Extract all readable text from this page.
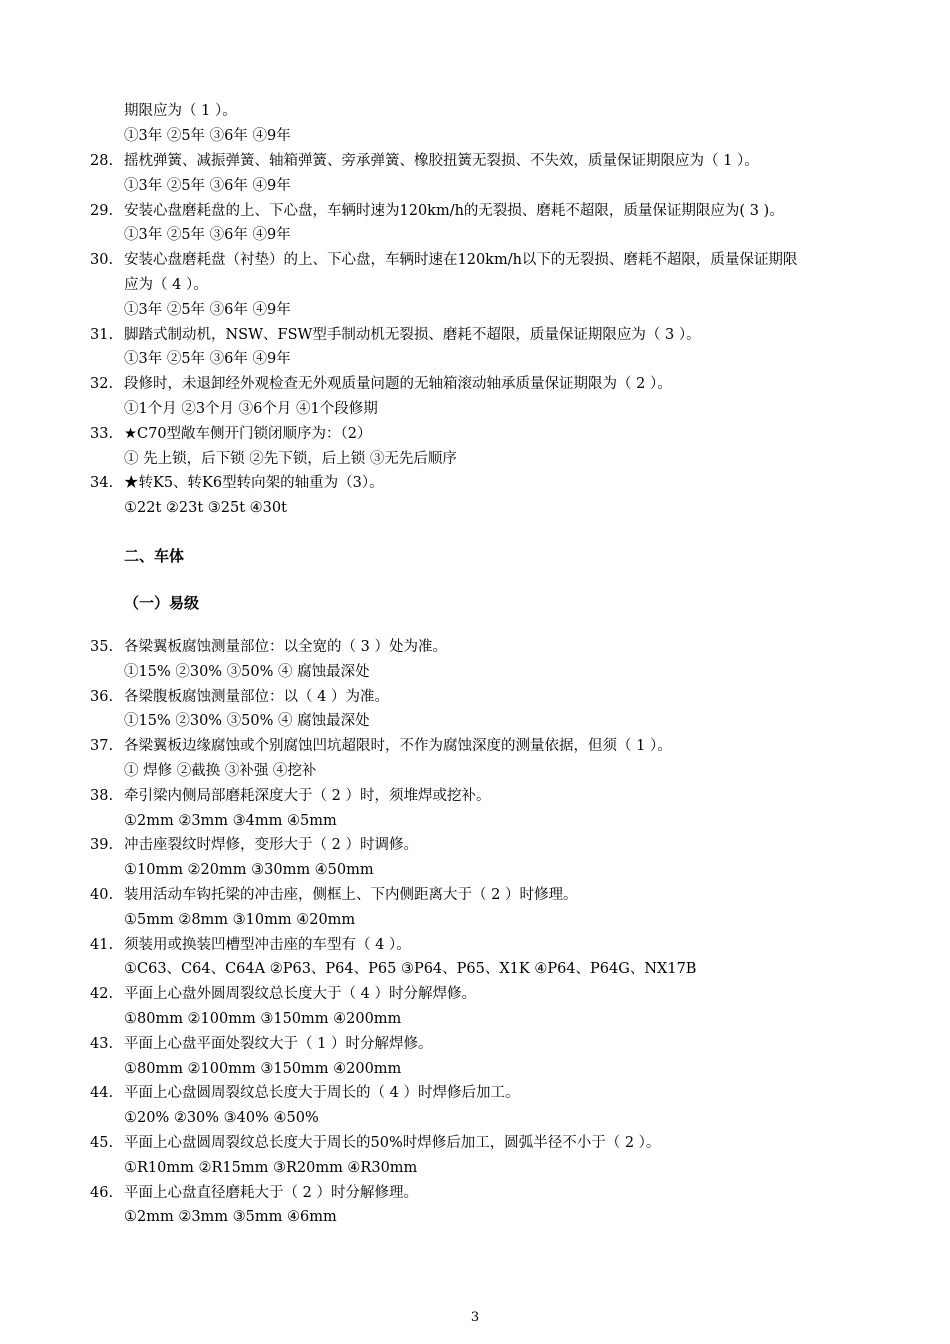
期限应为（ 1 ）。
①3年 ②5年 ③6年 ④9年
28. 摇枕弹簧、减振弹簧、轴箱弹簧、旁承弹簧、橡胶扭簧无裂损、不失效，质量保证期限应为（ 1 ）。
①3年 ②5年 ③6年 ④9年
29. 安装心盘磨耗盘的上、下心盘，车辆时速为120km/h的无裂损、磨耗不超限，质量保证期限应为( 3 )。
①3年 ②5年 ③6年 ④9年
30. 安装心盘磨耗盘（衬垫）的上、下心盘，车辆时速在120km/h以下的无裂损、磨耗不超限，质量保证期限
应为（ 4 ）。
①3年 ②5年 ③6年 ④9年
31. 脚踏式制动机，NSW、FSW型手制动机无裂损、磨耗不超限，质量保证期限应为（ 3 ）。
①3年 ②5年 ③6年 ④9年
32. 段修时，未退卸经外观检查无外观质量问题的无轴箱滚动轴承质量保证期限为（ 2 ）。
①1个月 ②3个月 ③6个月 ④1个段修期
33. ★C70型敞车侧开门锁闭顺序为：（2）
① 先上锁，后下锁 ②先下锁，后上锁 ③无先后顺序
34. ★转K5、转K6型转向架的轴重为（3）。
①22t ②23t ③25t ④30t
二、车体
（一）易级
35. 各梁翼板腐蚀测量部位：以全宽的（ 3 ）处为准。
①15% ②30% ③50% ④ 腐蚀最深处
36. 各梁腹板腐蚀测量部位：以（ 4 ）为准。
①15% ②30% ③50% ④ 腐蚀最深处
37. 各梁翼板边缘腐蚀或个别腐蚀凹坑超限时，不作为腐蚀深度的测量依据，但须（ 1 ）。
① 焊修 ②截换 ③补强 ④挖补
38. 牵引梁内侧局部磨耗深度大于（ 2 ）时，须堆焊或挖补。
①2mm ②3mm ③4mm ④5mm
39. 冲击座裂纹时焊修，变形大于（ 2 ）时调修。
①10mm ②20mm ③30mm ④50mm
40. 装用活动车钩托梁的冲击座，侧框上、下内侧距离大于（ 2 ）时修理。
①5mm ②8mm ③10mm ④20mm
41. 须装用或换装凹槽型冲击座的车型有（ 4 ）。
①C63、C64、C64A ②P63、P64、P65 ③P64、P65、X1K ④P64、P64G、NX17B
42. 平面上心盘外圆周裂纹总长度大于（ 4 ）时分解焊修。
①80mm ②100mm ③150mm ④200mm
43. 平面上心盘平面处裂纹大于（ 1 ）时分解焊修。
①80mm ②100mm ③150mm ④200mm
44. 平面上心盘圆周裂纹总长度大于周长的（ 4 ）时焊修后加工。
①20% ②30% ③40% ④50%
45. 平面上心盘圆周裂纹总长度大于周长的50%时焊修后加工，圆弧半径不小于（ 2 ）。
①R10mm ②R15mm ③R20mm ④R30mm
46. 平面上心盘直径磨耗大于（ 2 ）时分解修理。
①2mm ②3mm ③5mm ④6mm
3
